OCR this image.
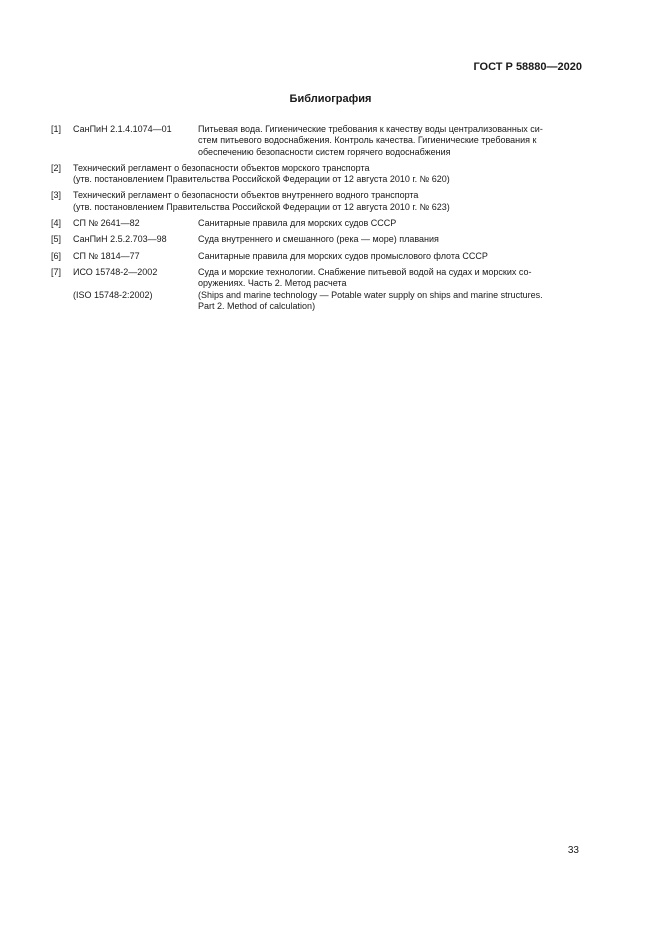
ГОСТ Р 58880—2020
Библиография
[1] СанПиН 2.1.4.1074—01	Питьевая вода. Гигиенические требования к качеству воды централизованных си-
стем питьевого водоснабжения. Контроль качества. Гигиенические требования к
обеспечению безопасности систем горячего водоснабжения
[2] Технический регламент о безопасности объектов морского транспорта
(утв. постановлением Правительства Российской Федерации от 12 августа 2010 г. № 620)
[3] Технический регламент о безопасности объектов внутреннего водного транспорта
(утв. постановлением Правительства Российской Федерации от 12 августа 2010 г. № 623)
[4] СП № 2641—82	Санитарные правила для морских судов СССР
[5] СанПиН 2.5.2.703—98	Суда внутреннего и смешанного (река — море) плавания
[6] СП № 1814—77	Санитарные правила для морских судов промыслового флота СССР
[7] ИСО 15748-2—2002	Суда и морские технологии. Снабжение питьевой водой на судах и морских со-
оружениях. Часть 2. Метод расчета
(ISO 15748-2:2002)	(Ships and marine technology — Potable water supply on ships and marine structures.
Part 2. Method of calculation)
33
